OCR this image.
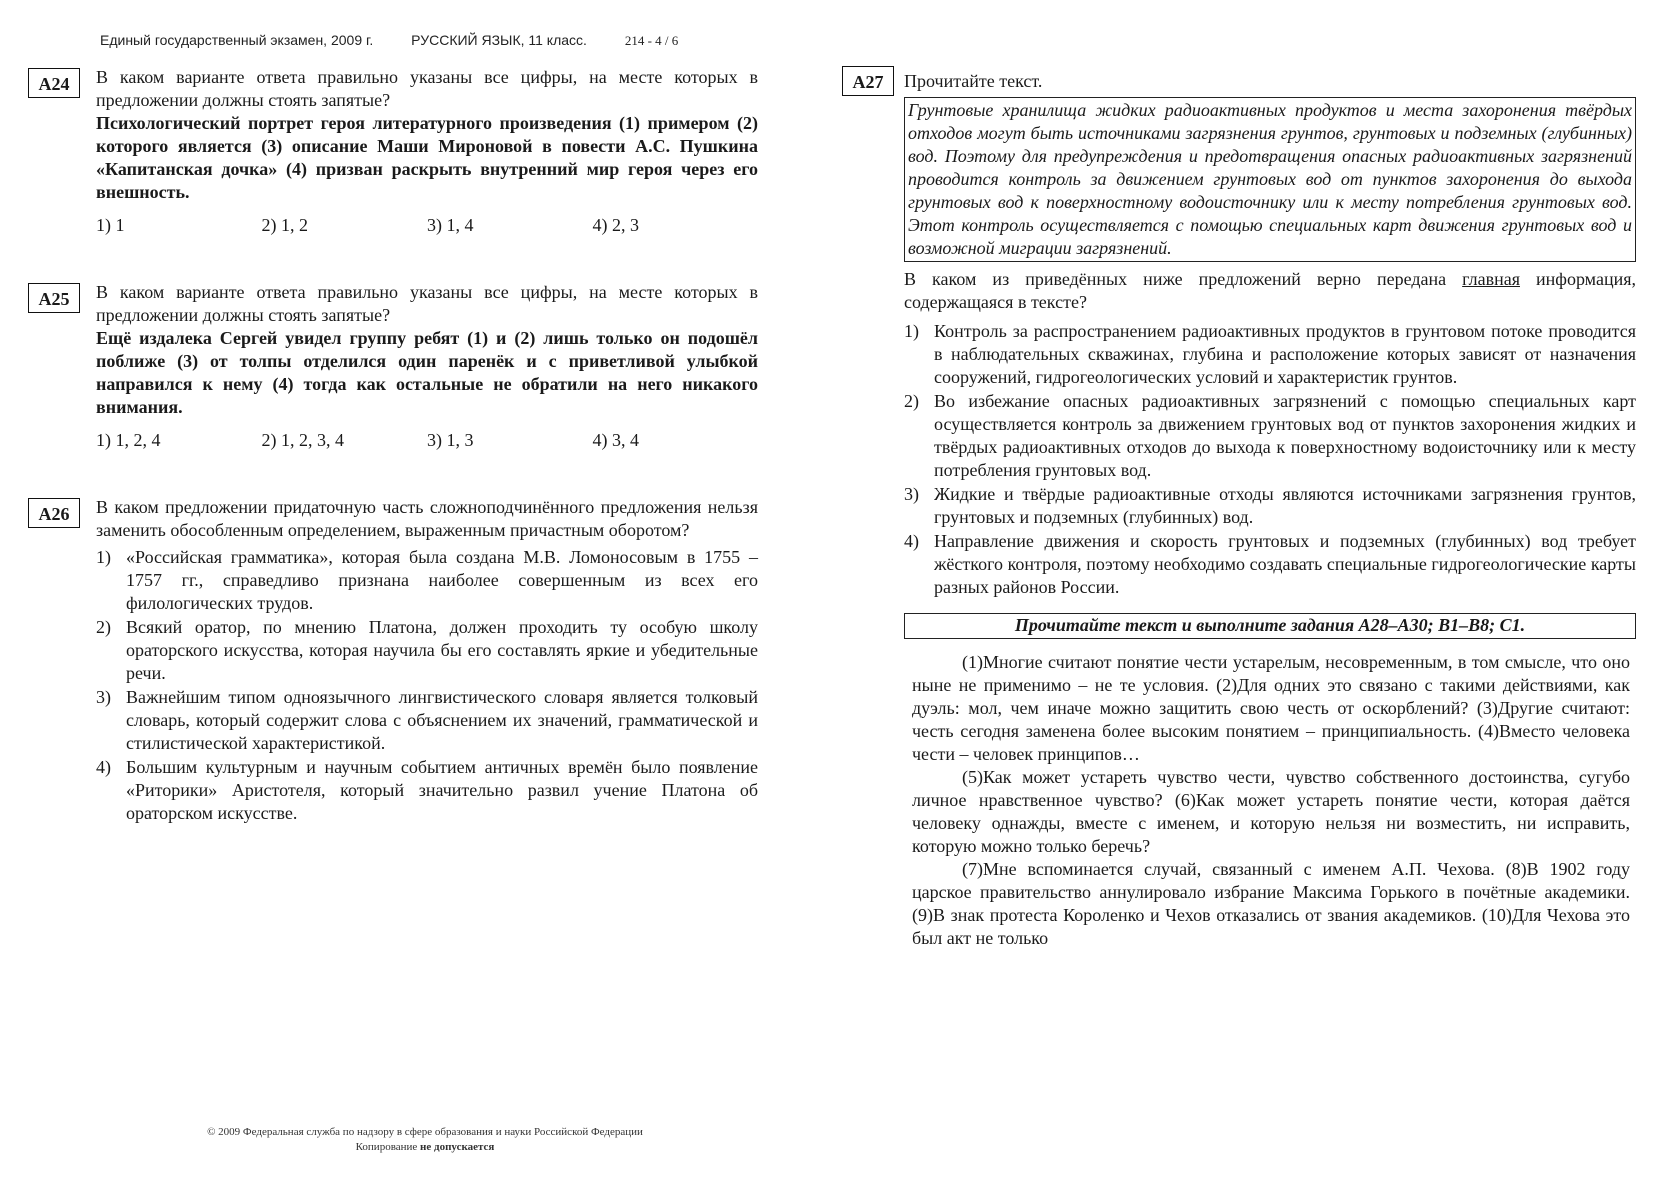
Единый государственный экзамен, 2009 г.	РУССКИЙ ЯЗЫК, 11 класс.	214 - 4 / 6
А24	В каком варианте ответа правильно указаны все цифры, на месте которых в предложении должны стоять запятые?

Психологический портрет героя литературного произведения (1) примером (2) которого является (3) описание Маши Мироновой в повести А.С. Пушкина «Капитанская дочка» (4) призван раскрыть внутренний мир героя через его внешность.

1) 1	2) 1, 2	3) 1, 4	4) 2, 3
А25	В каком варианте ответа правильно указаны все цифры, на месте которых в предложении должны стоять запятые?

Ещё издалека Сергей увидел группу ребят (1) и (2) лишь только он подошёл поближе (3) от толпы отделился один паренёк и с приветливой улыбкой направился к нему (4) тогда как остальные не обратили на него никакого внимания.

1) 1, 2, 4	2) 1, 2, 3, 4	3) 1, 3	4) 3, 4
А26	В каком предложении придаточную часть сложноподчинённого предложения нельзя заменить обособленным определением, выраженным причастным оборотом?

1) «Российская грамматика», которая была создана М.В. Ломоносовым в 1755 – 1757 гг., справедливо признана наиболее совершенным из всех его филологических трудов.
2) Всякий оратор, по мнению Платона, должен проходить ту особую школу ораторского искусства, которая научила бы его составлять яркие и убедительные речи.
3) Важнейшим типом одноязычного лингвистического словаря является толковый словарь, который содержит слова с объяснением их значений, грамматической и стилистической характеристикой.
4) Большим культурным и научным событием античных времён было появление «Риторики» Аристотеля, который значительно развил учение Платона об ораторском искусстве.
А27	Прочитайте текст.

Грунтовые хранилища жидких радиоактивных продуктов и места захоронения твёрдых отходов могут быть источниками загрязнения грунтов, грунтовых и подземных (глубинных) вод. Поэтому для предупреждения и предотвращения опасных радиоактивных загрязнений проводится контроль за движением грунтовых вод от пунктов захоронения до выхода грунтовых вод к поверхностному водоисточнику или к месту потребления грунтовых вод. Этот контроль осуществляется с помощью специальных карт движения грунтовых вод и возможной миграции загрязнений.

В каком из приведённых ниже предложений верно передана главная информация, содержащаяся в тексте?

1) Контроль за распространением радиоактивных продуктов в грунтовом потоке проводится в наблюдательных скважинах, глубина и расположение которых зависят от назначения сооружений, гидрогеологических условий и характеристик грунтов.
2) Во избежание опасных радиоактивных загрязнений с помощью специальных карт осуществляется контроль за движением грунтовых вод от пунктов захоронения жидких и твёрдых радиоактивных отходов до выхода к поверхностному водоисточнику или к месту потребления грунтовых вод.
3) Жидкие и твёрдые радиоактивные отходы являются источниками загрязнения грунтов, грунтовых и подземных (глубинных) вод.
4) Направление движения и скорость грунтовых и подземных (глубинных) вод требует жёсткого контроля, поэтому необходимо создавать специальные гидрогеологические карты разных районов России.
Прочитайте текст и выполните задания А28–А30; В1–В8; С1.

(1)Многие считают понятие чести устарелым, несовременным, в том смысле, что оно ныне не применимо – не те условия. (2)Для одних это связано с такими действиями, как дуэль: мол, чем иначе можно защитить свою честь от оскорблений? (3)Другие считают: честь сегодня заменена более высоким понятием – принципиальность. (4)Вместо человека чести – человек принципов…

(5)Как может устареть чувство чести, чувство собственного достоинства, сугубо личное нравственное чувство? (6)Как может устареть понятие чести, которая даётся человеку однажды, вместе с именем, и которую нельзя ни возместить, ни исправить, которую можно только беречь?

(7)Мне вспоминается случай, связанный с именем А.П. Чехова. (8)В 1902 году царское правительство аннулировало избрание Максима Горького в почётные академики. (9)В знак протеста Короленко и Чехов отказались от звания академиков. (10)Для Чехова это был акт не только

© 2009 Федеральная служба по надзору в сфере образования и науки Российской Федерации
Копирование не допускается
